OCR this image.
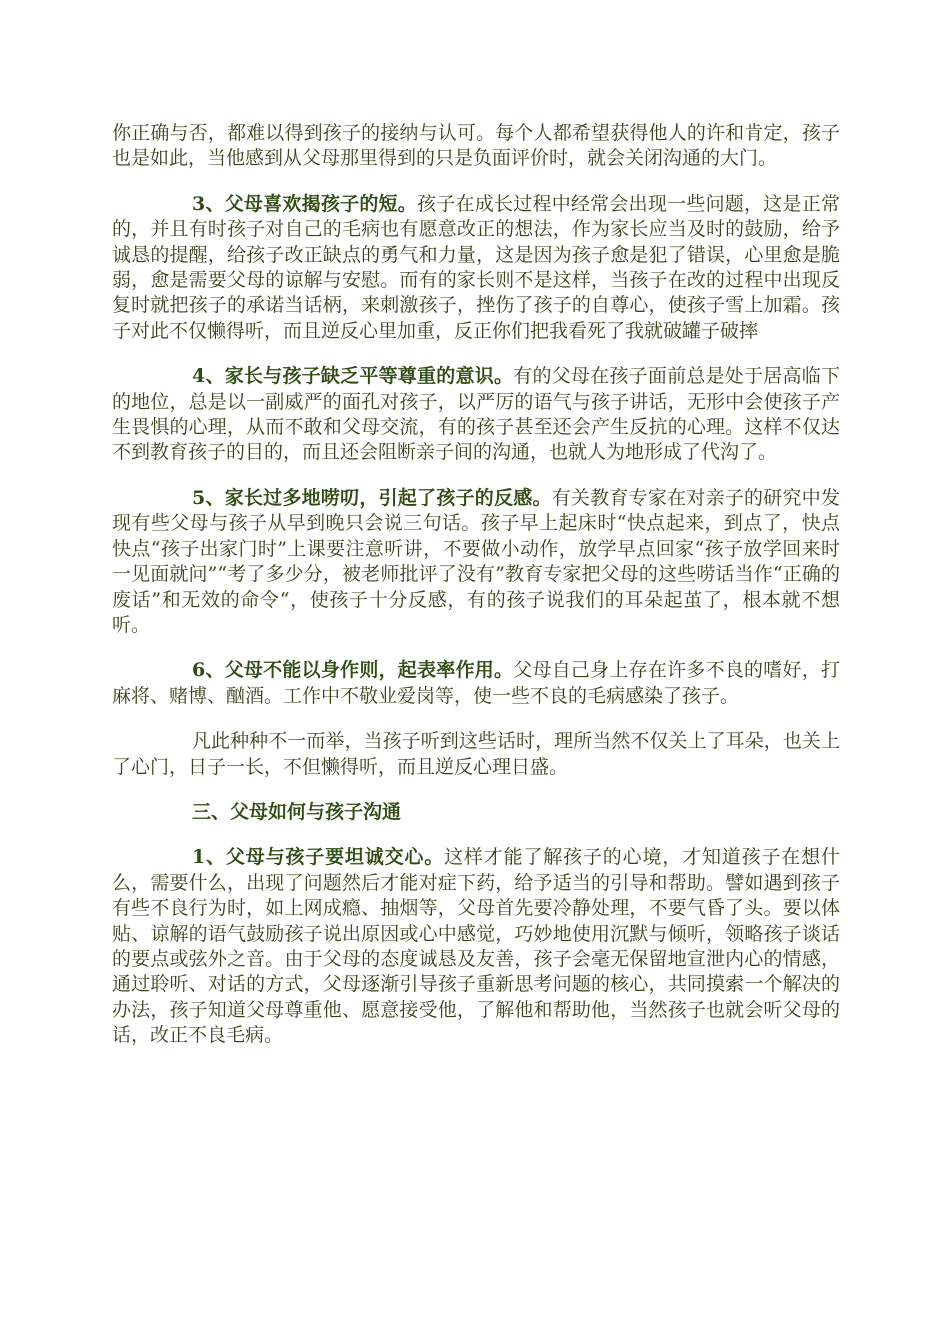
你正确与否，都难以得到孩子的接纳与认可。每个人都希望获得他人的许和肯定，孩子也是如此，当他感到从父母那里得到的只是负面评价时，就会关闭沟通的大门。

3、父母喜欢揭孩子的短。孩子在成长过程中经常会出现一些问题，这是正常的，并且有时孩子对自己的毛病也有愿意改正的想法，作为家长应当及时的鼓励，给予诚恳的提醒，给孩子改正缺点的勇气和力量，这是因为孩子愈是犯了错误，心里愈是脆弱，愈是需要父母的谅解与安慰。而有的家长则不是这样，当孩子在改的过程中出现反复时就把孩子的承诺当话柄，来刺激孩子，挫伤了孩子的自尊心，使孩子雪上加霜。孩子对此不仅懒得听，而且逆反心里加重，反正你们把我看死了我就破罐子破摔

4、家长与孩子缺乏平等尊重的意识。有的父母在孩子面前总是处于居高临下的地位，总是以一副威严的面孔对孩子，以严厉的语气与孩子讲话，无形中会使孩子产生畏惧的心理，从而不敢和父母交流，有的孩子甚至还会产生反抗的心理。这样不仅达不到教育孩子的目的，而且还会阻断亲子间的沟通，也就人为地形成了代沟了。

5、家长过多地唠叨，引起了孩子的反感。有关教育专家在对亲子的研究中发现有些父母与孩子从早到晚只会说三句话。孩子早上起床时“快点起来，到点了，快点快点“孩子出家门时”上课要注意听讲，不要做小动作，放学早点回家“孩子放学回来时一见面就问”“考了多少分，被老师批评了没有”教育专家把父母的这些唠话当作“正确的废话”和无效的命令“，使孩子十分反感，有的孩子说我们的耳朵起茧了，根本就不想听。

6、父母不能以身作则，起表率作用。父母自己身上存在许多不良的嗜好，打麻将、赌博、酗酒。工作中不敬业爱岗等，使一些不良的毛病感染了孩子。

凡此种种不一而举，当孩子听到这些话时，理所当然不仅关上了耳朵，也关上了心门，日子一长，不但懒得听，而且逆反心理日盛。

三、父母如何与孩子沟通

1、父母与孩子要坦诚交心。这样才能了解孩子的心境，才知道孩子在想什么，需要什么，出现了问题然后才能对症下药，给予适当的引导和帮助。譬如遇到孩子有些不良行为时，如上网成瘾、抽烟等，父母首先要冷静处理，不要气昏了头。要以体贴、谅解的语气鼓励孩子说出原因或心中感觉，巧妙地使用沉默与倾听，领略孩子谈话的要点或弦外之音。由于父母的态度诚恳及友善，孩子会毫无保留地宣泄内心的情感，通过聆听、对话的方式，父母逐渐引导孩子重新思考问题的核心，共同摸索一个解决的办法，孩子知道父母尊重他、愿意接受他，了解他和帮助他，当然孩子也就会听父母的话，改正不良毛病。
